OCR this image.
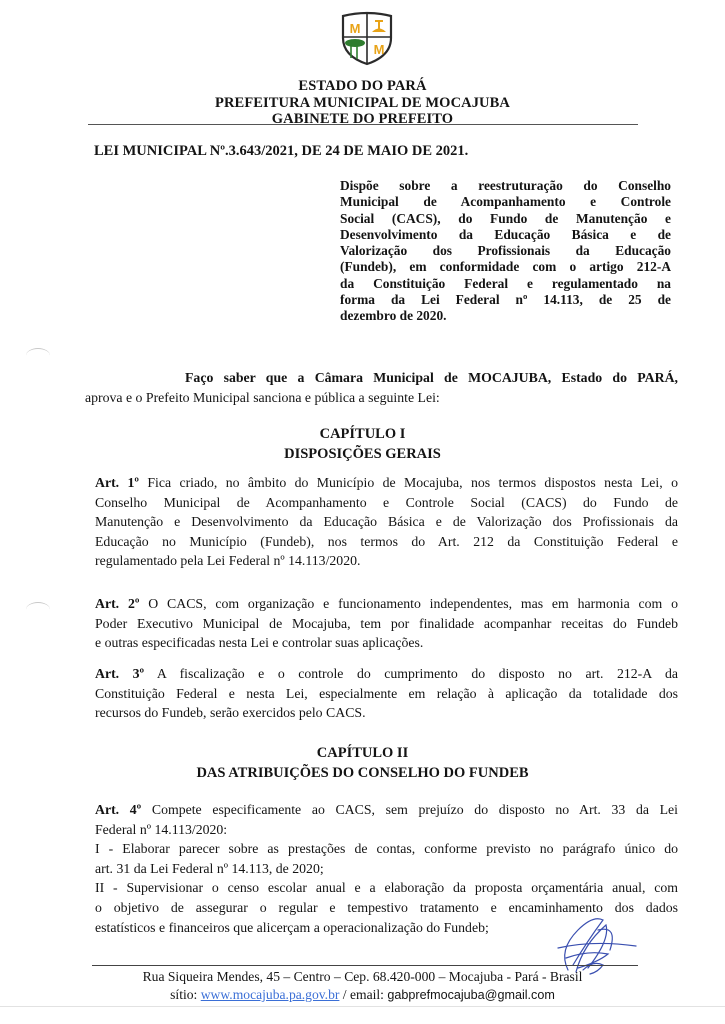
M
M
ESTADO DO PARÁ
PREFEITURA MUNICIPAL DE MOCAJUBA
GABINETE DO PREFEITO
LEI MUNICIPAL Nº.3.643/2021, DE 24 DE MAIO DE 2021.
Dispõe sobre a reestruturação do Conselho
Municipal de Acompanhamento e Controle
Social (CACS), do Fundo de Manutenção e
Desenvolvimento da Educação Básica e de
Valorização dos Profissionais da Educação
(Fundeb), em conformidade com o artigo 212-A
da Constituição Federal e regulamentado na
forma da Lei Federal nº 14.113, de 25 de
dezembro de 2020.
Faço saber que a Câmara Municipal de MOCAJUBA, Estado do PARÁ,
aprova e o Prefeito Municipal sanciona e pública a seguinte Lei:
CAPÍTULO I
DISPOSIÇÕES GERAIS
Art. 1º Fica criado, no âmbito do Município de Mocajuba, nos termos dispostos nesta Lei, o
Conselho Municipal de Acompanhamento e Controle Social (CACS) do Fundo de
Manutenção e Desenvolvimento da Educação Básica e de Valorização dos Profissionais da
Educação no Município (Fundeb), nos termos do Art. 212 da Constituição Federal e
regulamentado pela Lei Federal nº 14.113/2020.
Art. 2º O CACS, com organização e funcionamento independentes, mas em harmonia com o
Poder Executivo Municipal de Mocajuba, tem por finalidade acompanhar receitas do Fundeb
e outras especificadas nesta Lei e controlar suas aplicações.
Art. 3º A fiscalização e o controle do cumprimento do disposto no art. 212-A da
Constituição Federal e nesta Lei, especialmente em relação à aplicação da totalidade dos
recursos do Fundeb, serão exercidos pelo CACS.
CAPÍTULO II
DAS ATRIBUIÇÕES DO CONSELHO DO FUNDEB
Art. 4º Compete especificamente ao CACS, sem prejuízo do disposto no Art. 33 da Lei
Federal nº 14.113/2020:
I - Elaborar parecer sobre as prestações de contas, conforme previsto no parágrafo único do
art. 31 da Lei Federal nº 14.113, de 2020;
II - Supervisionar o censo escolar anual e a elaboração da proposta orçamentária anual, com
o objetivo de assegurar o regular e tempestivo tratamento e encaminhamento dos dados
estatísticos e financeiros que alicerçam a operacionalização do Fundeb;
Rua Siqueira Mendes, 45 – Centro – Cep. 68.420-000 – Mocajuba - Pará - Brasil
sítio: www.mocajuba.pa.gov.br / email: gabprefmocajuba@gmail.com
